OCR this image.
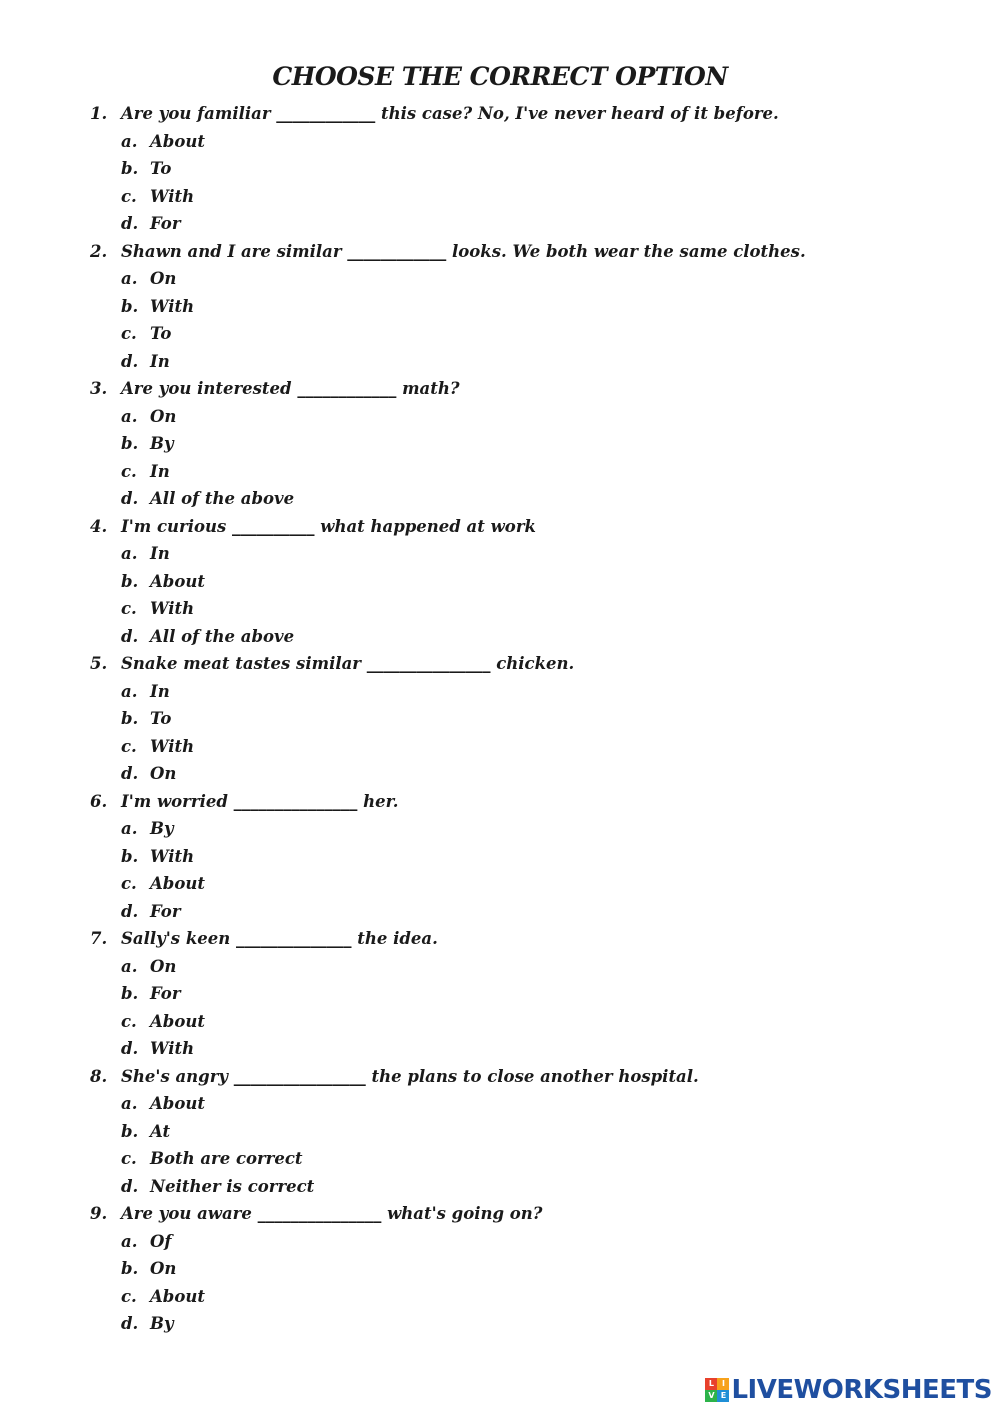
CHOOSE THE CORRECT OPTION
1. Are you familiar ____________ this case? No, I've never heard of it before.
a. About
b. To
c. With
d. For
2. Shawn and I are similar ____________ looks. We both wear the same clothes.
a. On
b. With
c. To
d. In
3. Are you interested ____________ math?
a. On
b. By
c. In
d. All of the above
4. I'm curious __________ what happened at work
a. In
b. About
c. With
d. All of the above
5. Snake meat tastes similar _______________ chicken.
a. In
b. To
c. With
d. On
6. I'm worried _______________ her.
a. By
b. With
c. About
d. For
7. Sally's keen ______________ the idea.
a. On
b. For
c. About
d. With
8. She's angry ________________ the plans to close another hospital.
a. About
b. At
c. Both are correct
d. Neither is correct
9. Are you aware _______________ what's going on?
a. Of
b. On
c. About
d. By
L I
V E LIVEWORKSHEETS
